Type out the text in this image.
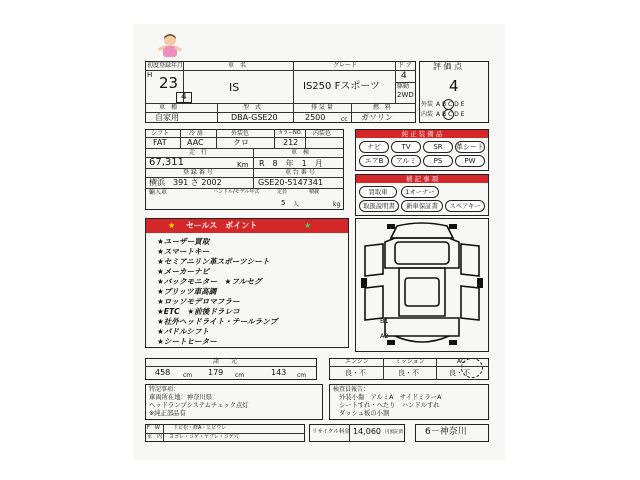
初度登録年月
H 23
4
車　名
IS
グレード
IS250 Fスポーツ
ド ア
4
駆動
2WD
評 価 点
4
外装 A B C D E
内装 A B C D E
車　種
自家用
型　式
DBA-GSE20
排 気 量
2500	cc
燃　料
ガソリン
シフト
FAT
冷 房
AAC
外装色
クロ
カラーNO.
212
内装色
走　行
67,311	Km
車　検
R　8　年　1　月
登 録 番 号
横浜　391 さ 2002
車 台 番 号
GSE20-5147341
輸入車	ハンドル/モデル年式	定員
5 人
積載
kg
純 正 装 備 品
補 記 事 項
★ セールス　ポイント	★
B1
A2
諸　　元
458 cm 179 cm	143 cm
エンジン
良・不
ミッション
良・不
AC
良・不
特記事項：
車両所在地：神奈川県
ヘッドランプシステムチェック点灯
※純正部品有
検査員報告：
外装小傷　アルミA　サイドミラーA
シートすれ・へたり　ハンドルすれ
ダッシュ板の小割
F　W	ドビ松・修A・ヒビワレ
室　内 ヨゴレ・コゲ・ヤブレ・コゲ穴
リサイクル料金 14,060 円預託済 6－神奈川
ナビ	TV	SR	革シート
エアB	アルミ	PS	PW
買取車	1オーナー
取扱説明書	新車保証書	スペアキー
★ユーザー買取
★スマートキー
★セミアニリン革スポーツシート
★メーカーナビ
★バックモニター　★フルセグ
★ブリッツ車高調
★ロッソモデロマフラー
★ETC　★前後ドラレコ
★社外ヘッドライト・テールランプ
★パドルシフト
★シートヒーター
